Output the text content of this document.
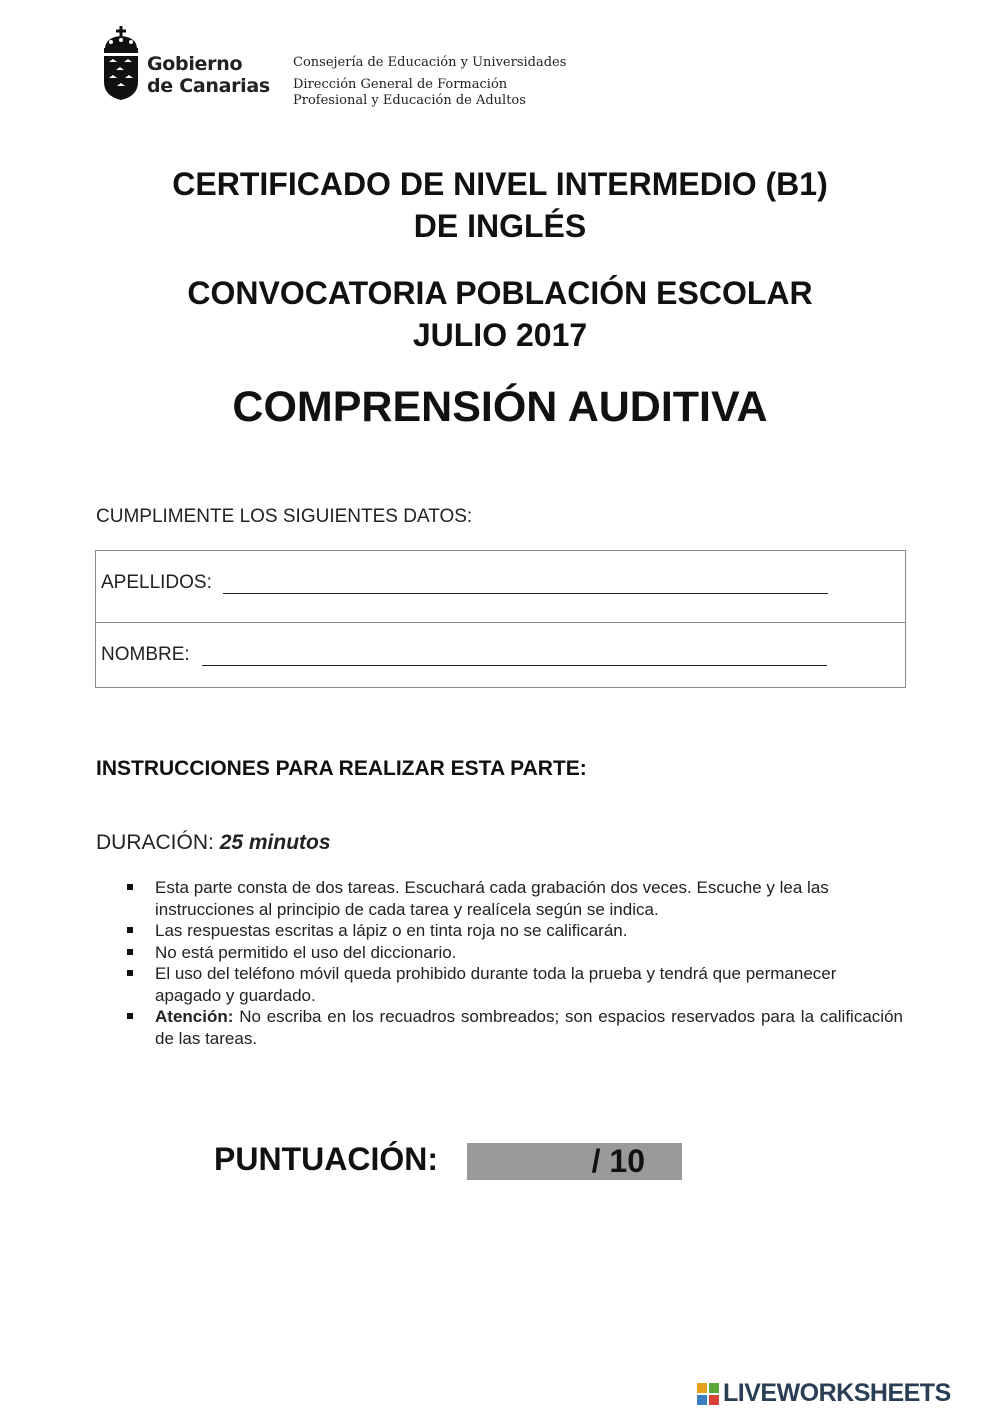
Gobierno
de Canarias
Consejería de Educación y Universidades
Dirección General de Formación
Profesional y Educación de Adultos
CERTIFICADO DE NIVEL INTERMEDIO (B1)
DE INGLÉS
CONVOCATORIA POBLACIÓN ESCOLAR
JULIO 2017
COMPRENSIÓN AUDITIVA
CUMPLIMENTE LOS SIGUIENTES DATOS:
APELLIDOS:
NOMBRE:
INSTRUCCIONES PARA REALIZAR ESTA PARTE:
DURACIÓN: 25 minutos
Esta parte consta de dos tareas. Escuchará cada grabación dos veces. Escuche y lea las instrucciones al principio de cada tarea y realícela según se indica.
Las respuestas escritas a lápiz o en tinta roja no se calificarán.
No está permitido el uso del diccionario.
El uso del teléfono móvil queda prohibido durante toda la prueba y tendrá que permanecer apagado y guardado.
Atención: No escriba en los recuadros sombreados; son espacios reservados para la calificación de las tareas.
PUNTUACIÓN:	/ 10
LIVEWORKSHEETS
